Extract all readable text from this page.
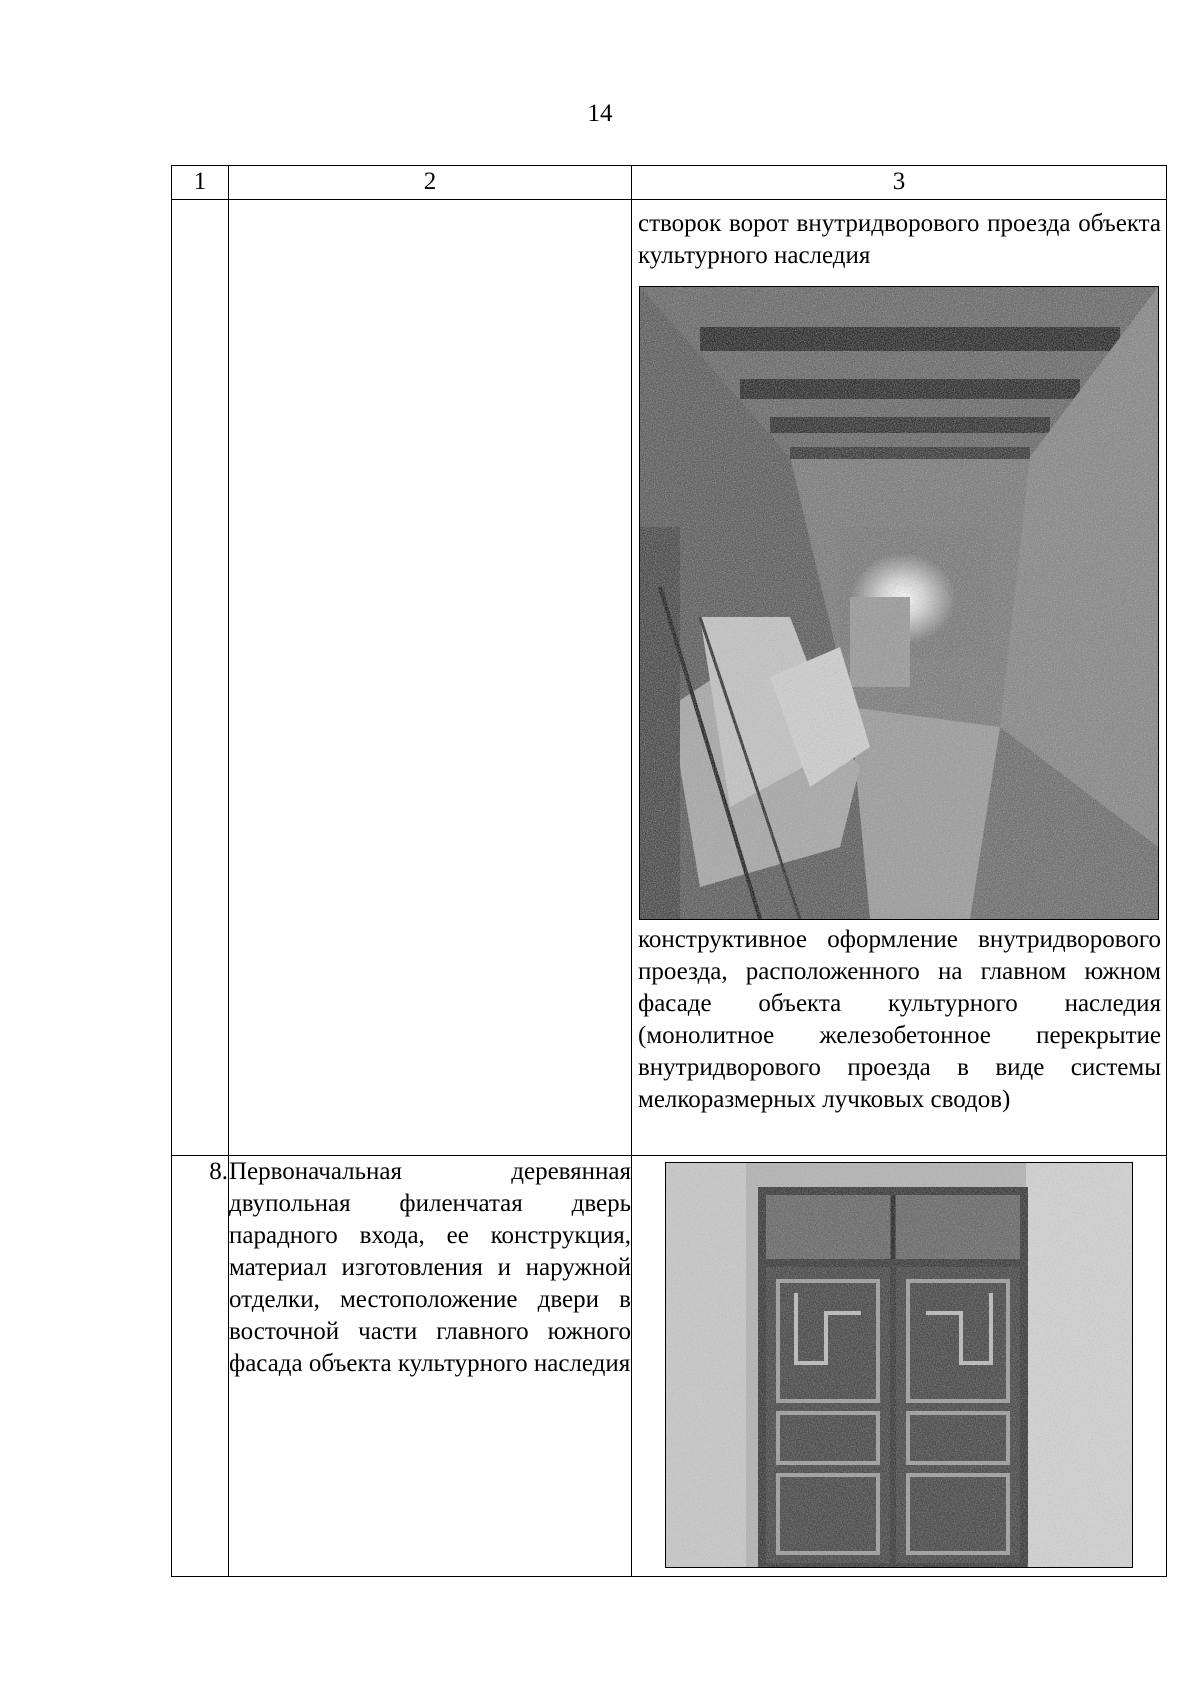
14
1	2	3

		створок ворот внутридворового проезда объекта культурного наследия
конструктивное оформление внутридворового проезда, расположенного на главном южном фасаде объекта культурного наследия (монолитное железобетонное перекрытие внутридворового проезда в виде системы мелкоразмерных лучковых сводов)

8.	Первоначальная деревянная двупольная филенчатая дверь парадного входа, ее конструкция, материал изготовления и наружной отделки, местоположение двери в восточной части главного южного фасада объекта культурного наследия	
